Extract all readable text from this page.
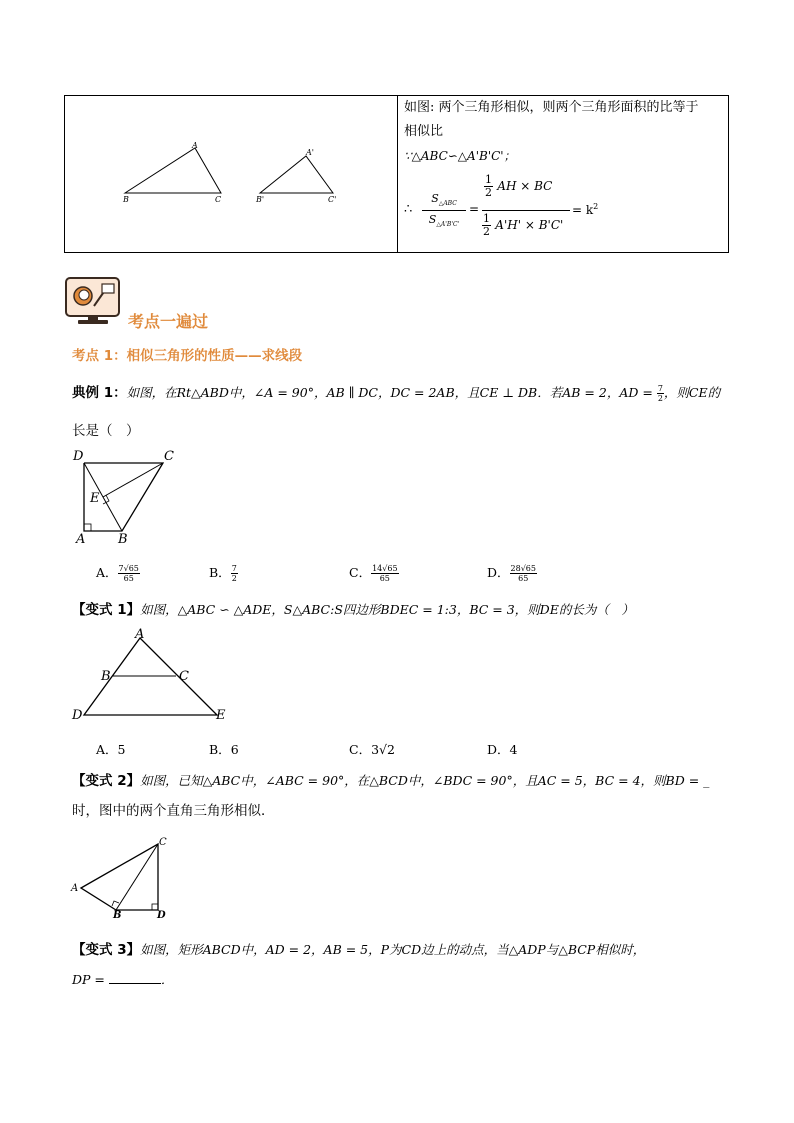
A
B	C
A'
B'	C'
如图: 两个三角形相似，则两个三角形面积的比等于
相似比
∵△ABC∽△A'B'C'；
∴
$S_{\triangle ABC}$
$S_{\triangle A'B'C'}$
=
$\frac{1}{2}$ AH × BC
$\frac{1}{2} A'H' \times B'C'$
= $k^2$
考点一遍过
考点 1：相似三角形的性质——求线段
典例 1：如图，在Rt△ABD中，∠A = 90°，AB ∥ DC，DC = 2AB，且CE ⊥ DB．若AB = 2，AD = $\frac{7}{2}$ ，则CE的
长是（　）
D	C
E
A	B
A． $\frac{7√65}{65}$	B． $\frac{7}{2}$	C． $\frac{14√65}{65}$	D． $\frac{28√65}{65}$
【变式 1】如图，△ABC ∽ △ADE，S△ABC:S四边形BDEC = 1:3，BC = 3，则DE的长为（　）
A
B	C
D	E
A．5	B．6	C．3√2	D．4
【变式 2】如图，已知△ABC中，∠ABC = 90°，在△BCD中，∠BDC = 90°，且AC = 5，BC = 4，则BD = _
时，图中的两个直角三角形相似．
C
A
B	D
【变式 3】如图，矩形ABCD中，AD = 2，AB = 5，P为CD边上的动点，当△ADP与△BCP相似时，
DP =	．
